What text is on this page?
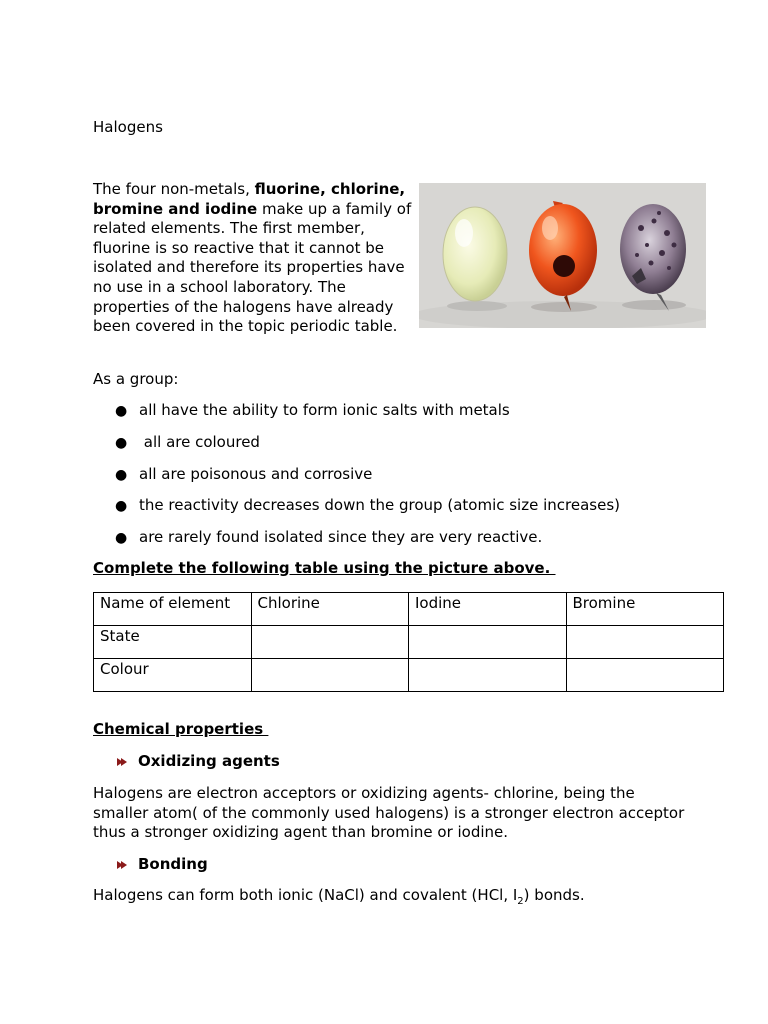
Halogens
The four non-metals, fluorine, chlorine, bromine and iodine make up a family of related elements. The first member, fluorine is so reactive that it cannot be isolated and therefore its properties have no use in a school laboratory. The properties of the halogens have already been covered in the topic periodic table.
As a group:
● all have the ability to form ionic salts with metals
● all are coloured
● all are poisonous and corrosive
● the reactivity decreases down the group (atomic size increases)
● are rarely found isolated since they are very reactive.
Complete the following table using the picture above.
Name of element	Chlorine	Iodine	Bromine
State			
Colour			
Chemical properties
Oxidizing agents
Halogens are electron acceptors or oxidizing agents- chlorine, being the smaller atom( of the commonly used halogens) is a stronger electron acceptor thus a stronger oxidizing agent than bromine or iodine.
Bonding
Halogens can form both ionic (NaCl) and covalent (HCl, $I_2$) bonds.
